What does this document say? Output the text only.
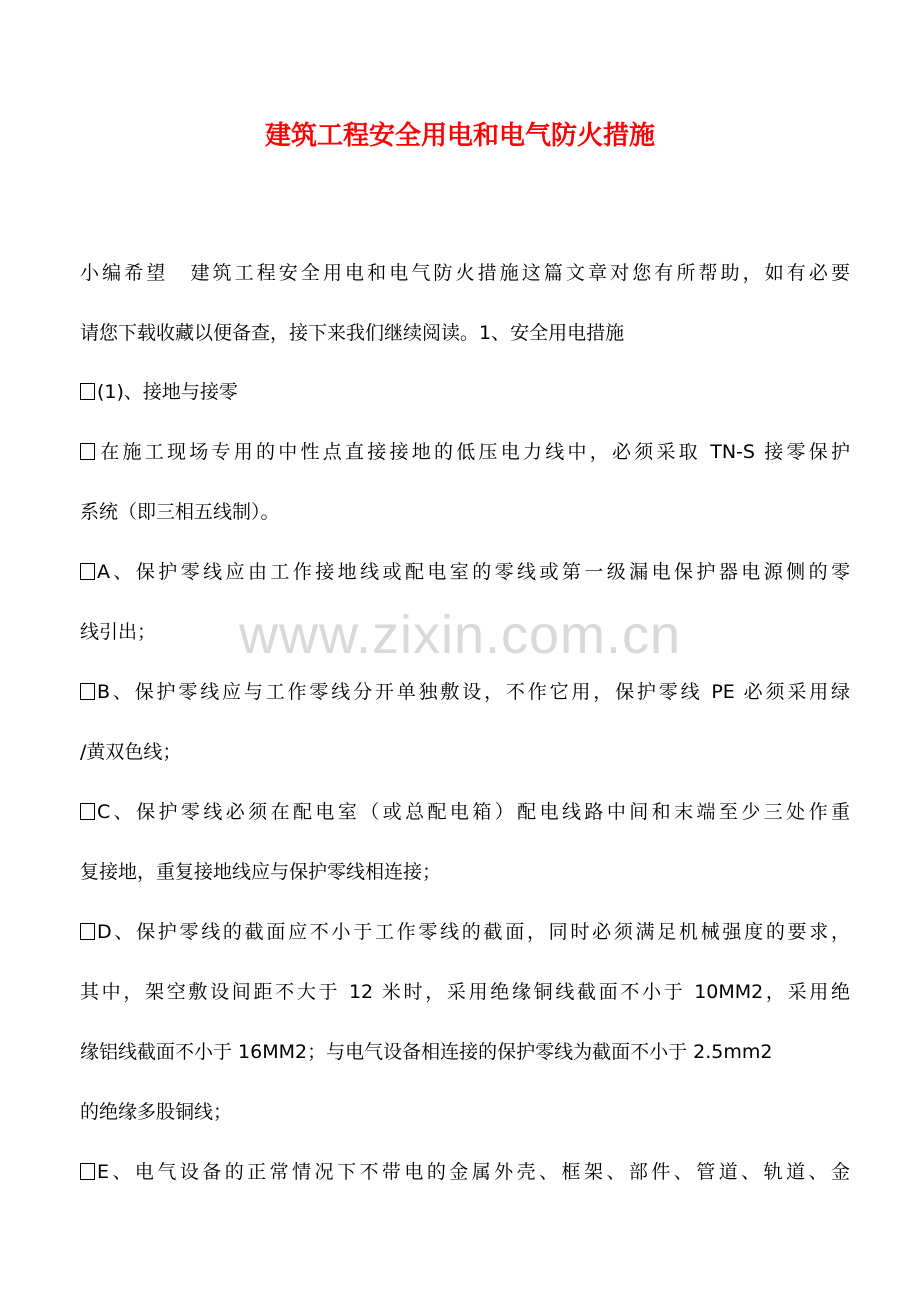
www.zixin.com.cn
建筑工程安全用电和电气防火措施
小编希望　建筑工程安全用电和电气防火措施这篇文章对您有所帮助，如有必要
请您下载收藏以便备查，接下来我们继续阅读。1、安全用电措施
(1)、接地与接零
在施工现场专用的中性点直接接地的低压电力线中，必须采取 TN-S 接零保护
系统（即三相五线制）。
A、保护零线应由工作接地线或配电室的零线或第一级漏电保护器电源侧的零
线引出；
B、保护零线应与工作零线分开单独敷设，不作它用，保护零线 PE 必须采用绿
/黄双色线；
C、保护零线必须在配电室（或总配电箱）配电线路中间和末端至少三处作重
复接地，重复接地线应与保护零线相连接；
D、保护零线的截面应不小于工作零线的截面，同时必须满足机械强度的要求，
其中，架空敷设间距不大于 12 米时，采用绝缘铜线截面不小于 10MM2，采用绝
缘铝线截面不小于 16MM2；与电气设备相连接的保护零线为截面不小于 2.5mm2
的绝缘多股铜线；
E、电气设备的正常情况下不带电的金属外壳、框架、部件、管道、轨道、金
